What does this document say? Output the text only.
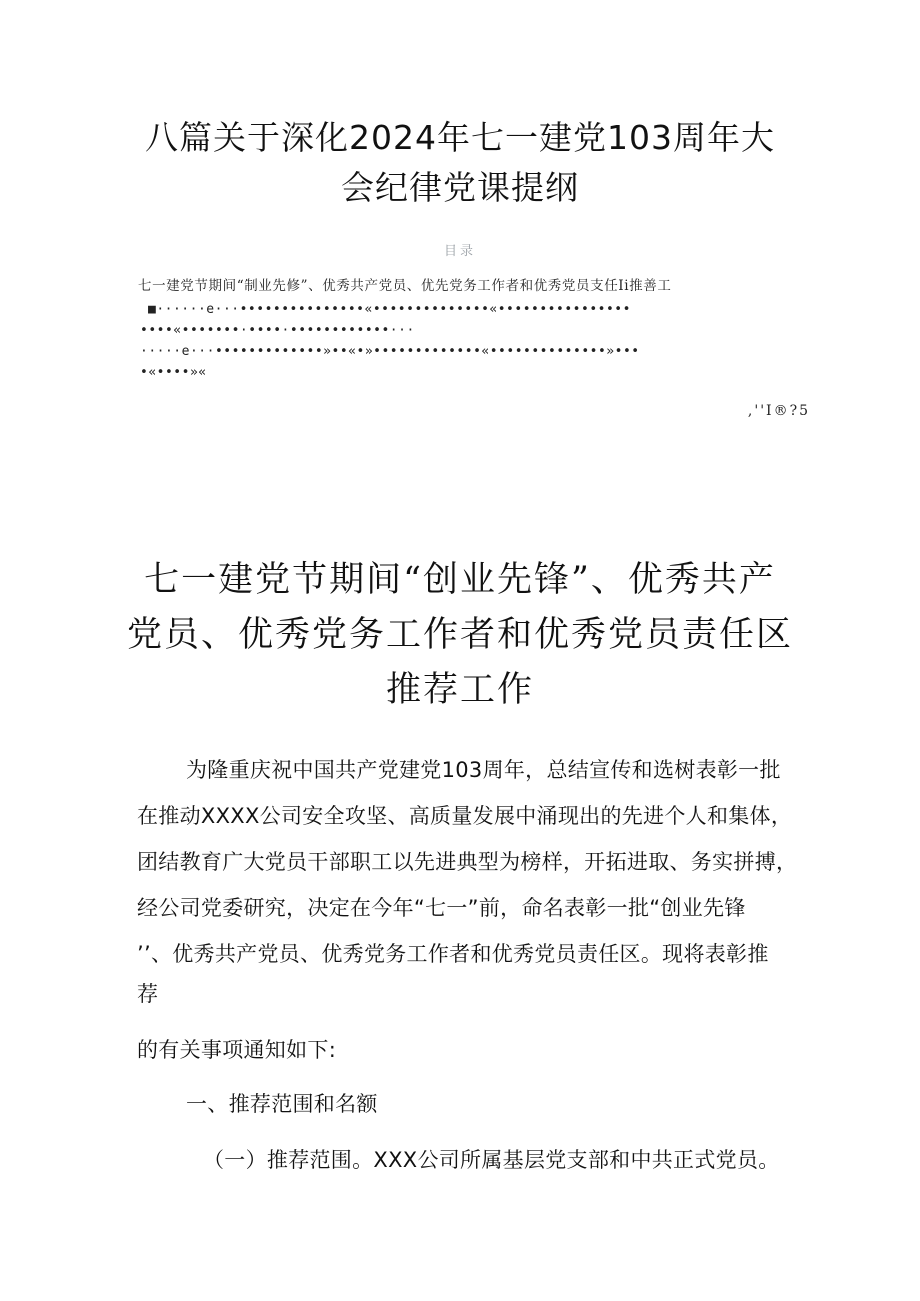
八篇关于深化2024年七一建党103周年大
会纪律党课提纲
目录
七一建党节期间“制业先修”、优秀共产党员、优先党务工作者和优秀党员支任Ii推善工
■······e···•••••••••••••••«••••••••••••••«••••••••••••••••
••••«•••••••·••••·••••••••••••···
·····e···•••••••••••••»••«•»•••••••••••••«••••••••••••••»•••
•«••••»«
,''I®?5
七一建党节期间“创业先锋”、优秀共产
党员、优秀党务工作者和优秀党员责任区
推荐工作
为隆重庆祝中国共产党建党103周年，总结宣传和选树表彰一批
在推动XXXX公司安全攻坚、高质量发展中涌现出的先进个人和集体，
团结教育广大党员干部职工以先进典型为榜样，开拓进取、务实拼搏，
经公司党委研究，决定在今年“七一”前，命名表彰一批“创业先锋
’’、优秀共产党员、优秀党务工作者和优秀党员责任区。现将表彰推
荐
的有关事项通知如下:
一、推荐范围和名额
（一）推荐范围。XXX公司所属基层党支部和中共正式党员。
